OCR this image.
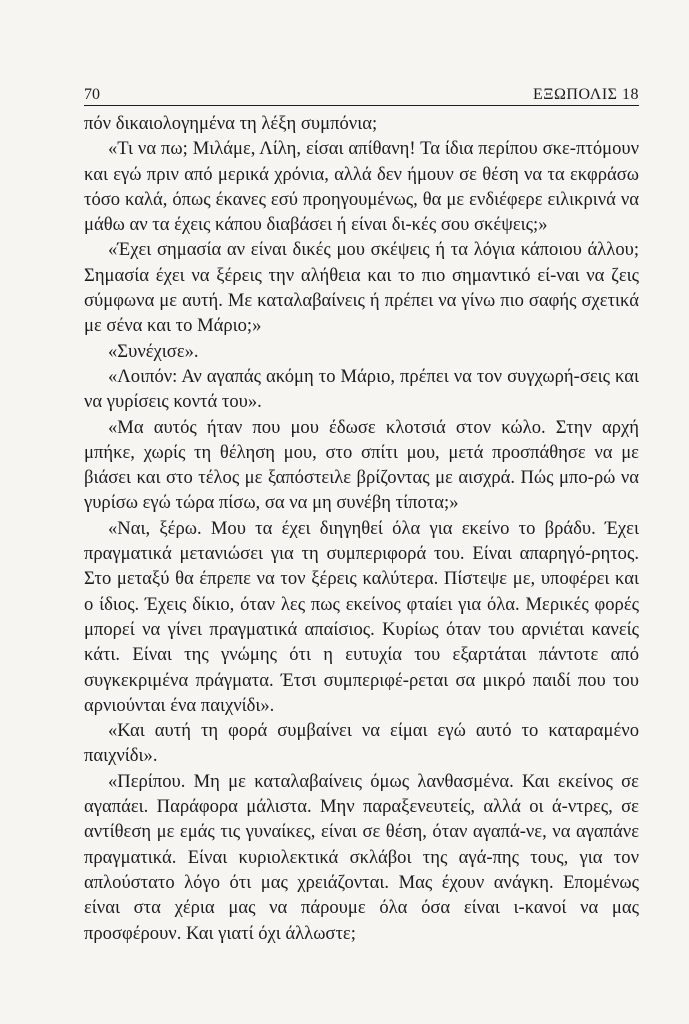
70	ΕΞΩΠΟΛΙΣ 18

πόν δικαιολογημένα τη λέξη συμπόνια;

«Τι να πω; Μιλάμε, Λίλη, είσαι απίθανη! Τα ίδια περίπου σκε-πτόμουν και εγώ πριν από μερικά χρόνια, αλλά δεν ήμουν σε θέση να τα εκφράσω τόσο καλά, όπως έκανες εσύ προηγουμένως, θα με ενδιέφερε ειλικρινά να μάθω αν τα έχεις κάπου διαβάσει ή είναι δι-κές σου σκέψεις;»

«Έχει σημασία αν είναι δικές μου σκέψεις ή τα λόγια κάποιου άλλου; Σημασία έχει να ξέρεις την αλήθεια και το πιο σημαντικό εί-ναι να ζεις σύμφωνα με αυτή. Με καταλαβαίνεις ή πρέπει να γίνω πιο σαφής σχετικά με σένα και το Μάριο;»

«Συνέχισε».

«Λοιπόν: Αν αγαπάς ακόμη το Μάριο, πρέπει να τον συγχωρή-σεις και να γυρίσεις κοντά του».

«Μα αυτός ήταν που μου έδωσε κλοτσιά στον κώλο. Στην αρχή μπήκε, χωρίς τη θέληση μου, στο σπίτι μου, μετά προσπάθησε να με βιάσει και στο τέλος με ξαπόστειλε βρίζοντας με αισχρά. Πώς μπο-ρώ να γυρίσω εγώ τώρα πίσω, σα να μη συνέβη τίποτα;»

«Ναι, ξέρω. Μου τα έχει διηγηθεί όλα για εκείνο το βράδυ. Έχει πραγματικά μετανιώσει για τη συμπεριφορά του. Είναι απαρηγό-ρητος. Στο μεταξύ θα έπρεπε να τον ξέρεις καλύτερα. Πίστεψε με, υποφέρει και ο ίδιος. Έχεις δίκιο, όταν λες πως εκείνος φταίει για όλα. Μερικές φορές μπορεί να γίνει πραγματικά απαίσιος. Κυρίως όταν του αρνιέται κανείς κάτι. Είναι της γνώμης ότι η ευτυχία του εξαρτάται πάντοτε από συγκεκριμένα πράγματα. Έτσι συμπεριφέ-ρεται σα μικρό παιδί που του αρνιούνται ένα παιχνίδι».

«Και αυτή τη φορά συμβαίνει να είμαι εγώ αυτό το καταραμένο παιχνίδι».

«Περίπου. Μη με καταλαβαίνεις όμως λανθασμένα. Και εκείνος σε αγαπάει. Παράφορα μάλιστα. Μην παραξενευτείς, αλλά οι ά-ντρες, σε αντίθεση με εμάς τις γυναίκες, είναι σε θέση, όταν αγαπά-νε, να αγαπάνε πραγματικά. Είναι κυριολεκτικά σκλάβοι της αγά-πης τους, για τον απλούστατο λόγο ότι μας χρειάζονται. Μας έχουν ανάγκη. Επομένως είναι στα χέρια μας να πάρουμε όλα όσα είναι ι-κανοί να μας προσφέρουν. Και γιατί όχι άλλωστε;
